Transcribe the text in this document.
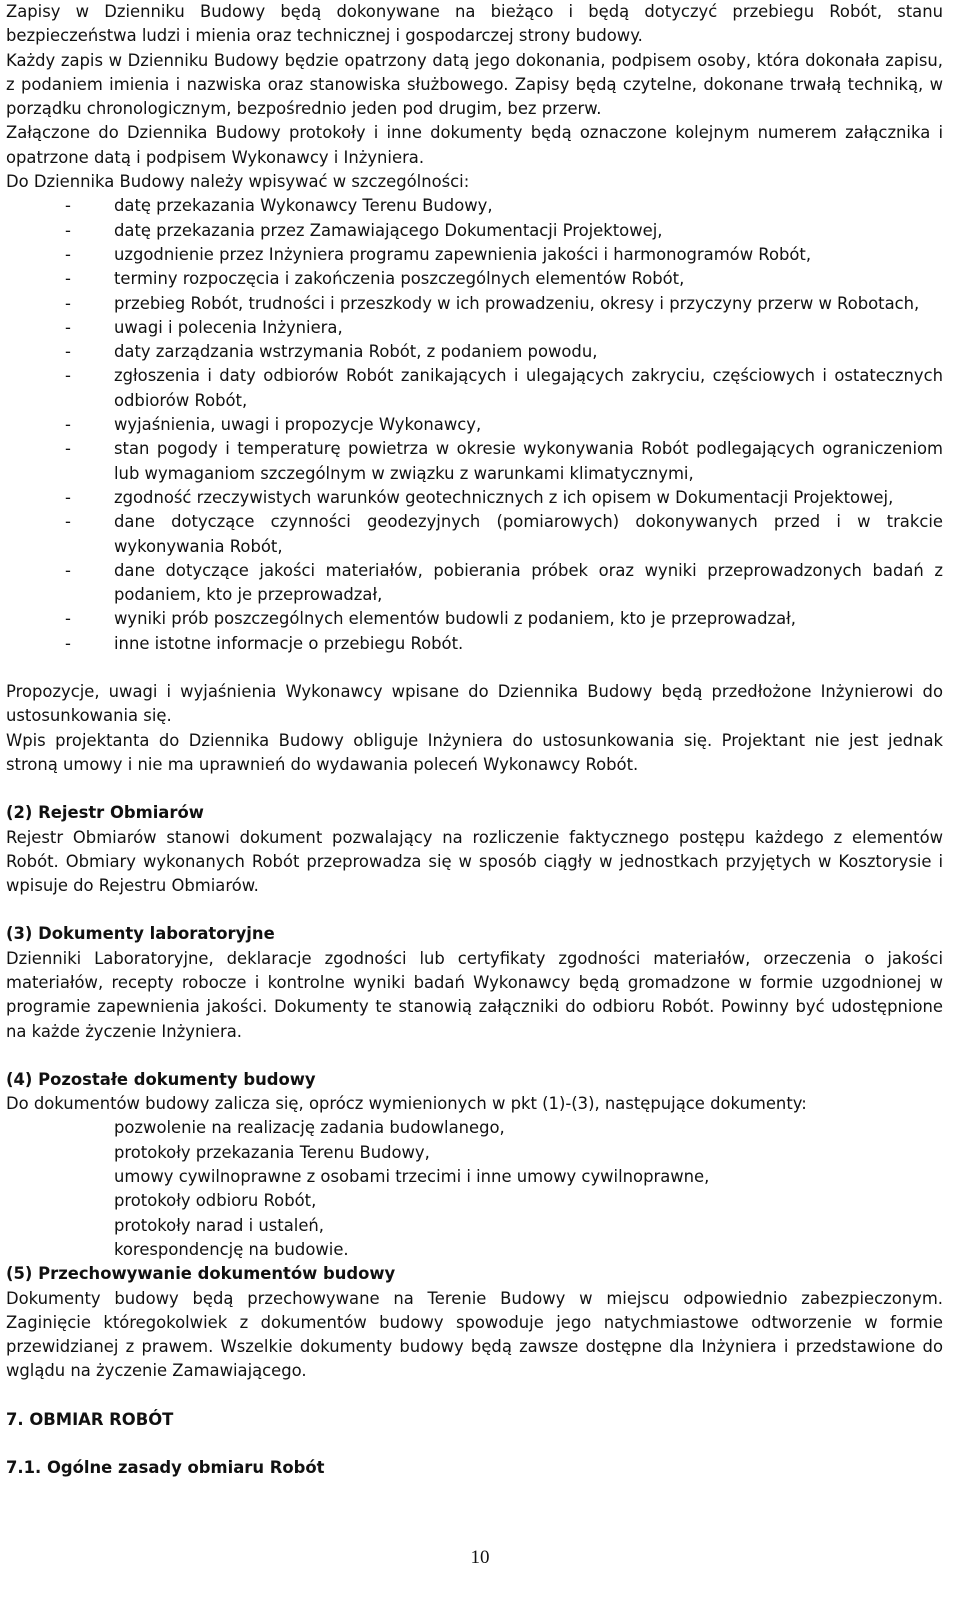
Zapisy w Dzienniku Budowy będą dokonywane na bieżąco i będą dotyczyć przebiegu Robót, stanu bezpieczeństwa ludzi i mienia oraz technicznej i gospodarczej strony budowy.

Każdy zapis w Dzienniku Budowy będzie opatrzony datą jego dokonania, podpisem osoby, która dokonała zapisu, z podaniem imienia i nazwiska oraz stanowiska służbowego. Zapisy będą czytelne, dokonane trwałą techniką, w porządku chronologicznym, bezpośrednio jeden pod drugim, bez przerw.

Załączone do Dziennika Budowy protokoły i inne dokumenty będą oznaczone kolejnym numerem załącznika i opatrzone datą i podpisem Wykonawcy i Inżyniera.

Do Dziennika Budowy należy wpisywać w szczególności:

-	datę przekazania Wykonawcy Terenu Budowy,
-	datę przekazania przez Zamawiającego Dokumentacji Projektowej,
-	uzgodnienie przez Inżyniera programu zapewnienia jakości i harmonogramów Robót,
-	terminy rozpoczęcia i zakończenia poszczególnych elementów Robót,
-	przebieg Robót, trudności i przeszkody w ich prowadzeniu, okresy i przyczyny przerw w Robotach,
-	uwagi i polecenia Inżyniera,
-	daty zarządzania wstrzymania Robót, z podaniem powodu,
-	zgłoszenia i daty odbiorów Robót zanikających i ulegających zakryciu, częściowych i ostatecznych odbiorów Robót,
-	wyjaśnienia, uwagi i propozycje Wykonawcy,
-	stan pogody i temperaturę powietrza w okresie wykonywania Robót podlegających ograniczeniom lub wymaganiom szczególnym w związku z warunkami klimatycznymi,
-	zgodność rzeczywistych warunków geotechnicznych z ich opisem w Dokumentacji Projektowej,
-	dane dotyczące czynności geodezyjnych (pomiarowych) dokonywanych przed i w trakcie wykonywania Robót,
-	dane dotyczące jakości materiałów, pobierania próbek oraz wyniki przeprowadzonych badań z podaniem, kto je przeprowadzał,
-	wyniki prób poszczególnych elementów budowli z podaniem, kto je przeprowadzał,
-	inne istotne informacje o przebiegu Robót.

Propozycje, uwagi i wyjaśnienia Wykonawcy wpisane do Dziennika Budowy będą przedłożone Inżynierowi do ustosunkowania się.

Wpis projektanta do Dziennika Budowy obliguje Inżyniera do ustosunkowania się. Projektant nie jest jednak stroną umowy i nie ma uprawnień do wydawania poleceń Wykonawcy Robót.

(2) Rejestr Obmiarów

Rejestr Obmiarów stanowi dokument pozwalający na rozliczenie faktycznego postępu każdego z elementów Robót. Obmiary wykonanych Robót przeprowadza się w sposób ciągły w jednostkach przyjętych w Kosztorysie i wpisuje do Rejestru Obmiarów.

(3) Dokumenty laboratoryjne

Dzienniki Laboratoryjne, deklaracje zgodności lub certyfikaty zgodności materiałów, orzeczenia o jakości materiałów, recepty robocze i kontrolne wyniki badań Wykonawcy będą gromadzone w formie uzgodnionej w programie zapewnienia jakości. Dokumenty te stanowią załączniki do odbioru Robót. Powinny być udostępnione na każde życzenie Inżyniera.

(4) Pozostałe dokumenty budowy

Do dokumentów budowy zalicza się, oprócz wymienionych w pkt (1)-(3), następujące dokumenty:

pozwolenie na realizację zadania budowlanego,
protokoły przekazania Terenu Budowy,
umowy cywilnoprawne z osobami trzecimi i inne umowy cywilnoprawne,
protokoły odbioru Robót,
protokoły narad i ustaleń,
korespondencję na budowie.

(5) Przechowywanie dokumentów budowy

Dokumenty budowy będą przechowywane na Terenie Budowy w miejscu odpowiednio zabezpieczonym. Zaginięcie któregokolwiek z dokumentów budowy spowoduje jego natychmiastowe odtworzenie w formie przewidzianej z prawem. Wszelkie dokumenty budowy będą zawsze dostępne dla Inżyniera i przedstawione do wglądu na życzenie Zamawiającego.

7. OBMIAR ROBÓT

7.1. Ogólne zasady obmiaru Robót

10
